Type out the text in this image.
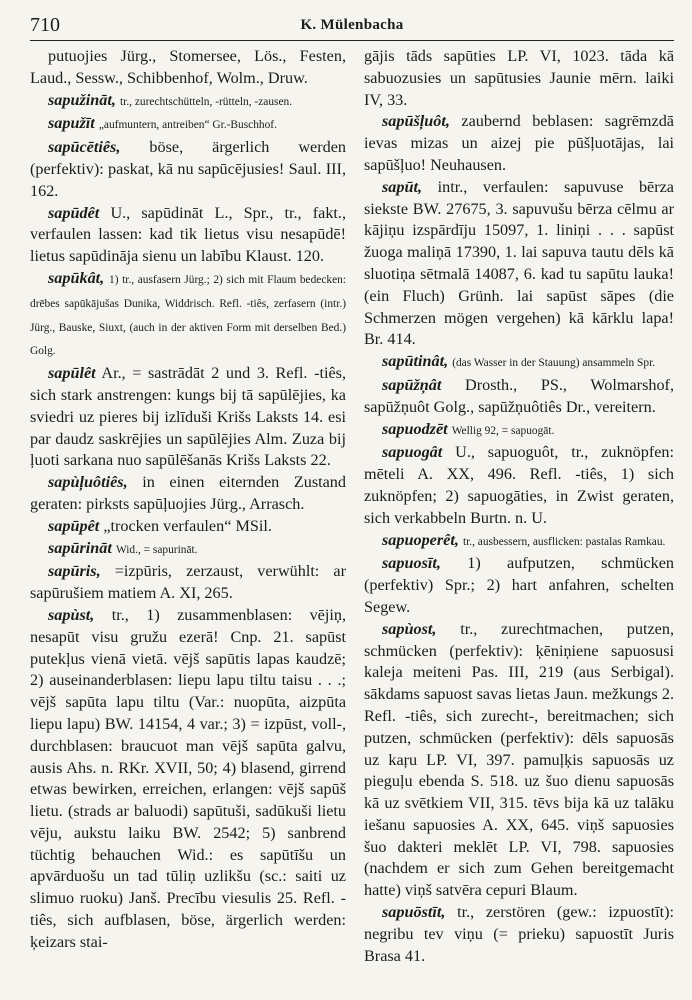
710	K. Mülenbacha

putuojies Jürg., Stomersee, Lös., Festen, Laud., Sessw., Schibbenhof, Wolm., Druw.

sapužināt, tr., zurechtschütteln, -rütteln, -zausen.

sapužīt „aufmuntern, antreiben“ Gr.-Buschhof.

sapūcētiês, böse, ärgerlich werden (perfektiv): paskat, kā nu sapūcējusies! Saul. III, 162.

sapūdêt U., sapūdināt L., Spr., tr., fakt., verfaulen lassen: kad tik lietus visu nesapūdē! lietus sapūdināja sienu un labību Klaust. 120.

sapūkât, 1) tr., ausfasern Jürg.; 2) sich mit Flaum bedecken: drēbes sapūkājušas Dunika, Widdrisch. Refl. -tiês, zerfasern (intr.) Jürg., Bauske, Siuxt, (auch in der aktiven Form mit derselben Bed.) Golg.

sapūlêt Ar., = sastrādāt 2 und 3. Refl. -tiês, sich stark anstrengen: kungs bij tā sapūlējies, ka sviedri uz pieres bij izlīduši Krišs Laksts 14. esi par daudz saskrējies un sapūlējies Alm. Zuza bij ļuoti sarkana nuo sapūlēšanās Krišs Laksts 22.

sapùļuôtiês, in einen eiternden Zustand geraten: pirksts sapūļuojies Jürg., Arrasch.

sapūpêt „trocken verfaulen“ MSil.

sapūrināt Wid., = sapurināt.

sapūris, =izpūris, zerzaust, verwühlt: ar sapūrušiem matiem A. XI, 265.

sapùst, tr., 1) zusammenblasen: vējiņ, nesapūt visu gružu ezerā! Cnp. 21. sapūst putekļus vienā vietā. vējš sapūtis lapas kaudzē; 2) auseinanderblasen: liepu lapu tiltu taisu . . .; vējš sapūta lapu tiltu (Var.: nuopūta, aizpūta liepu lapu) BW. 14154, 4 var.; 3) = izpūst, voll-, durchblasen: braucuot man vējš sapūta galvu, ausis Ahs. n. RKr. XVII, 50; 4) blasend, girrend etwas bewirken, erreichen, erlangen: vējš sapūš lietu. (strads ar baluodi) sapūtuši, sadūkuši lietu vēju, aukstu laiku BW. 2542; 5) sanbrend tüchtig behauchen Wid.: es sapūtīšu un apvārduošu un tad tūliņ uzlikšu (sc.: saiti uz slimuo ruoku) Janš. Precību viesulis 25. Refl. -tiês, sich aufblasen, böse, ärgerlich werden: ķeizars stai-

gājis tāds sapūties LP. VI, 1023. tāda kā sabuozusies un sapūtusies Jaunie mērn. laiki IV, 33.

sapūšļuôt, zaubernd beblasen: sagrēmzdā ievas mizas un aizej pie pūšļuotājas, lai sapūšļuo! Neuhausen.

sapūt, intr., verfaulen: sapuvuse bērza siekste BW. 27675, 3. sapuvušu bērza cēlmu ar kājiņu izspārdīju 15097, 1. liniņi . . . sapūst žuoga maliņā 17390, 1. lai sapuva tautu dēls kā sluotiņa sētmalā 14087, 6. kad tu sapūtu lauka! (ein Fluch) Grünh. lai sapūst sāpes (die Schmerzen mögen vergehen) kā kārklu lapa! Br. 414.

sapūtinât, (das Wasser in der Stauung) ansammeln Spr.

sapūžņât Drosth., PS., Wolmarshof, sapūžņuôt Golg., sapūžņuôtiês Dr., vereitern.

sapuodzēt Wellig 92, = sapuogāt.

sapuogât U., sapuoguôt, tr., zuknöpfen: mēteli A. XX, 496. Refl. -tiês, 1) sich zuknöpfen; 2) sapuogāties, in Zwist geraten, sich verkabbeln Burtn. n. U.

sapuoperêt, tr., ausbessern, ausflicken: pastalas Ramkau.

sapuosīt, 1) aufputzen, schmücken (perfektiv) Spr.; 2) hart anfahren, schelten Segew.

sapùost, tr., zurechtmachen, putzen, schmücken (perfektiv): ķēniņiene sapuosusi kaleja meiteni Pas. III, 219 (aus Serbigal). sākdams sapuost savas lietas Jaun. mežkungs 2. Refl. -tiês, sich zurecht-, bereitmachen; sich putzen, schmücken (perfektiv): dēls sapuosās uz kaŗu LP. VI, 397. pamuļķis sapuosās uz pieguļu ebenda S. 518. uz šuo dienu sapuosās kā uz svētkiem VII, 315. tēvs bija kā uz talāku iešanu sapuosies A. XX, 645. viņš sapuosies šuo dakteri meklēt LP. VI, 798. sapuosies (nachdem er sich zum Gehen bereitgemacht hatte) viņš satvēra cepuri Blaum.

sapuōstīt, tr., zerstören (gew.: izpuostīt): negribu tev viņu (= prieku) sapuostīt Juris Brasa 41.
